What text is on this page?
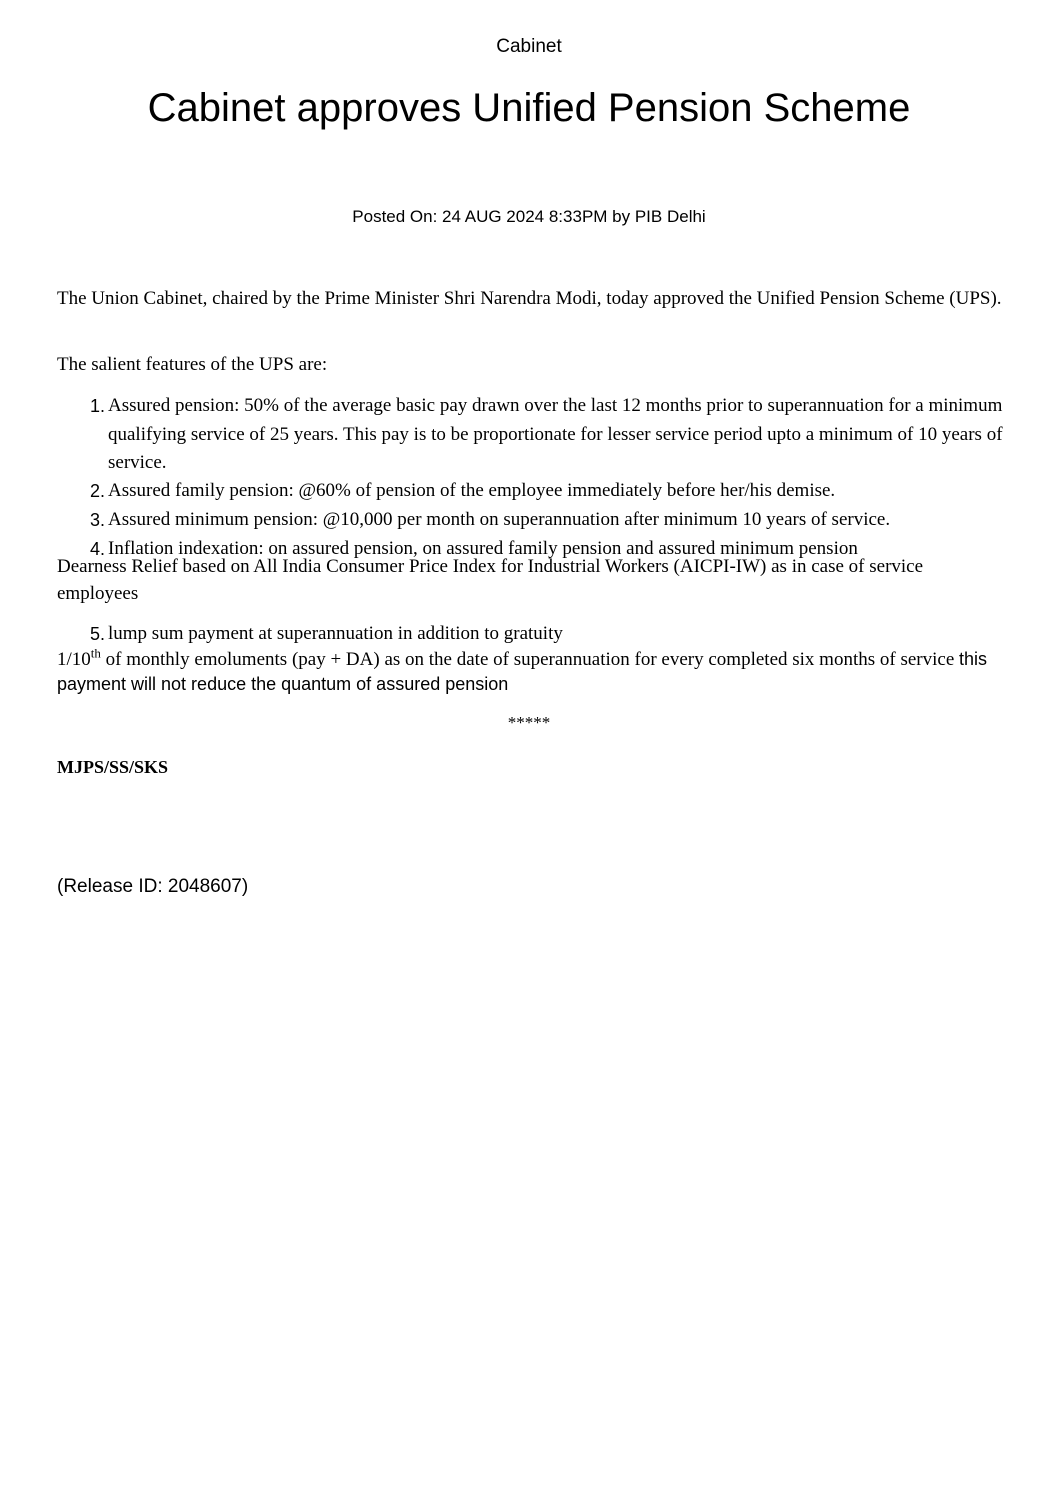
Cabinet
Cabinet approves Unified Pension Scheme
Posted On: 24 AUG 2024 8:33PM by PIB Delhi
The Union Cabinet, chaired by the Prime Minister Shri Narendra Modi, today approved the Unified Pension Scheme (UPS).
The salient features of the UPS are:
1. Assured pension: 50% of the average basic pay drawn over the last 12 months prior to superannuation for a minimum qualifying service of 25 years. This pay is to be proportionate for lesser service period upto a minimum of 10 years of service.
2. Assured family pension: @60% of pension of the employee immediately before her/his demise.
3. Assured minimum pension: @10,000 per month on superannuation after minimum 10 years of service.
4. Inflation indexation: on assured pension, on assured family pension and assured minimum pension
Dearness Relief based on All India Consumer Price Index for Industrial Workers (AICPI-IW) as in case of service employees
5. lump sum payment at superannuation in addition to gratuity
1/10th of monthly emoluments (pay + DA) as on the date of superannuation for every completed six months of service this payment will not reduce the quantum of assured pension
*****
MJPS/SS/SKS
(Release ID: 2048607)
